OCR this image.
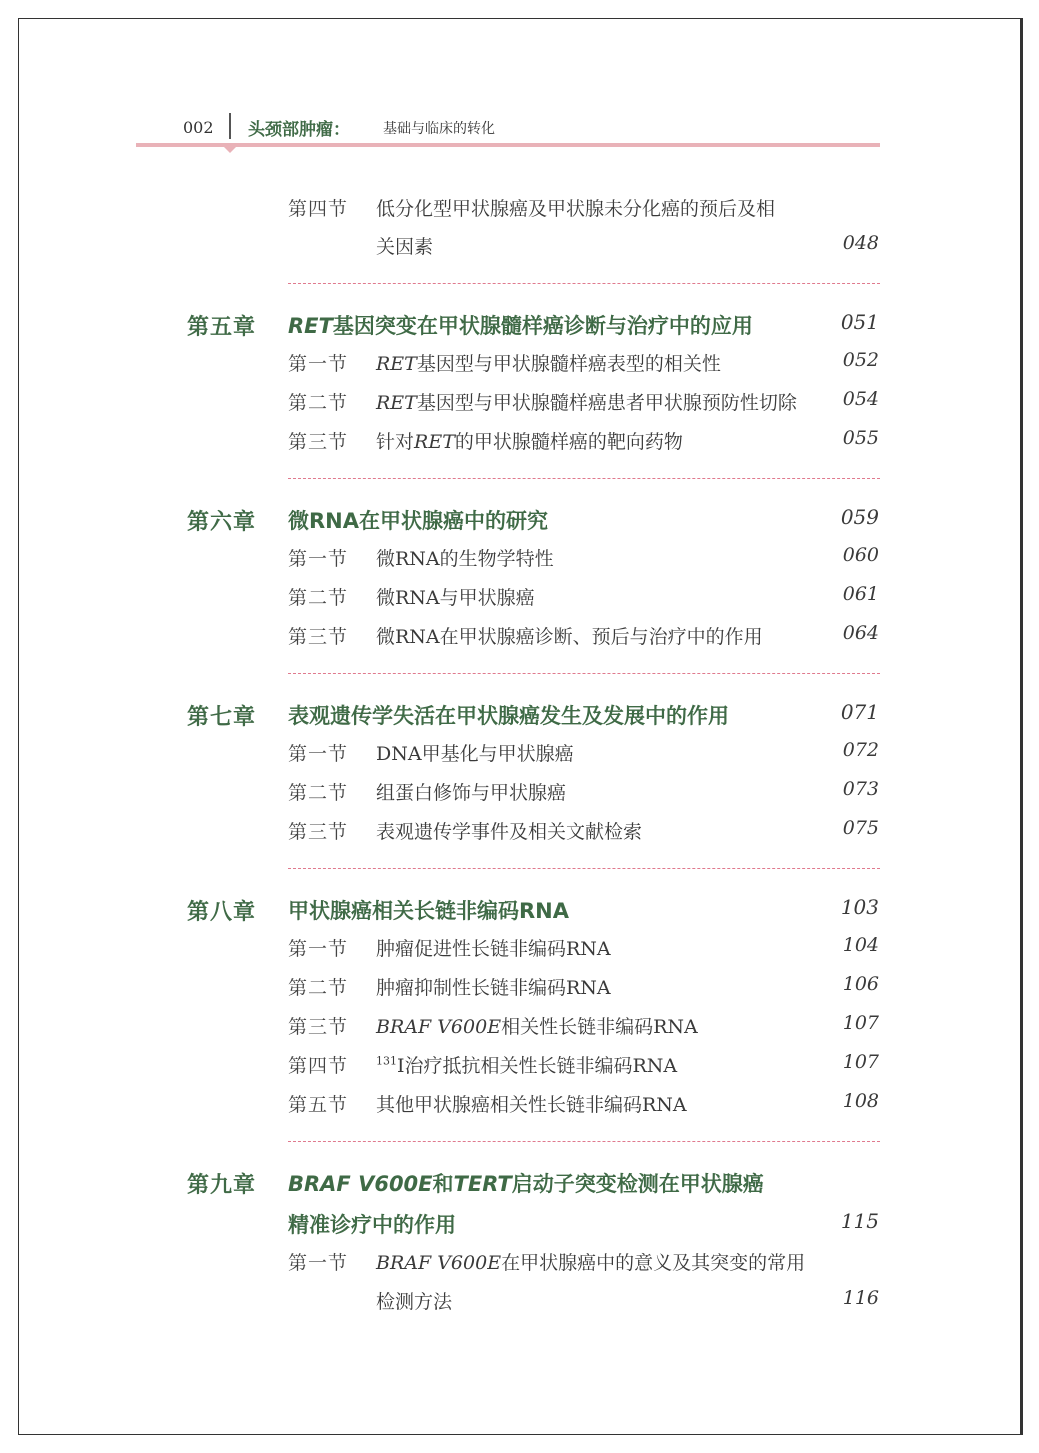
002 头颈部肿瘤： 基础与临床的转化
第四节 低分化型甲状腺癌及甲状腺未分化癌的预后及相
关因素	048
第五章 RET基因突变在甲状腺髓样癌诊断与治疗中的应用	051
第一节 RET基因型与甲状腺髓样癌表型的相关性	052
第二节 RET基因型与甲状腺髓样癌患者甲状腺预防性切除 054
第三节 针对RET的甲状腺髓样癌的靶向药物	055
第六章 微RNA在甲状腺癌中的研究	059
第一节 微RNA的生物学特性	060
第二节 微RNA与甲状腺癌	061
第三节 微RNA在甲状腺癌诊断、预后与治疗中的作用	064
第七章 表观遗传学失活在甲状腺癌发生及发展中的作用	071
第一节 DNA甲基化与甲状腺癌	072
第二节 组蛋白修饰与甲状腺癌	073
第三节 表观遗传学事件及相关文献检索	075
第八章 甲状腺癌相关长链非编码RNA	103
第一节 肿瘤促进性长链非编码RNA	104
第二节 肿瘤抑制性长链非编码RNA	106
第三节 BRAF V600E相关性长链非编码RNA	107
第四节	$^{131}$I治疗抵抗相关性长链非编码RNA	107
第五节 其他甲状腺癌相关性长链非编码RNA	108
第九章 BRAF V600E和TERT启动子突变检测在甲状腺癌
精准诊疗中的作用	115
第一节 BRAF V600E在甲状腺癌中的意义及其突变的常用
检测方法	116
